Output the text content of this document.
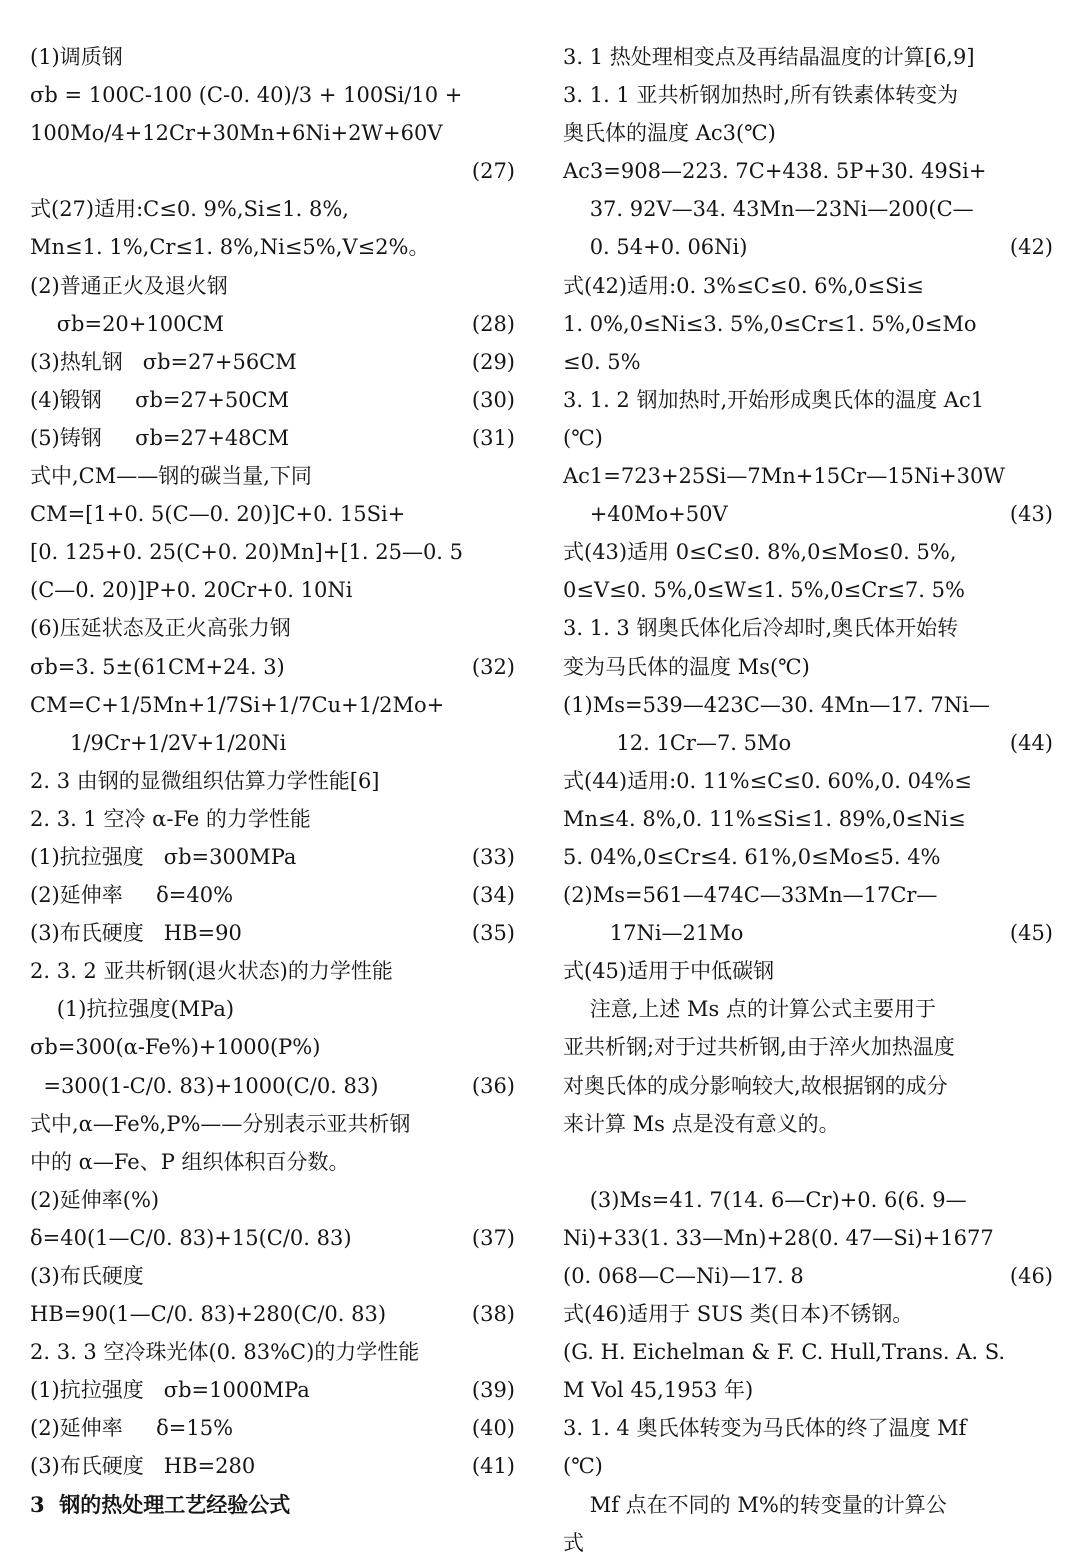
(1)调质钢
σb = 100C-100 (C-0. 40)/3 + 100Si/10 +
100Mo/4+12Cr+30Mn+6Ni+2W+60V
(27)
式(27)适用:C≤0. 9%,Si≤1. 8%,
Mn≤1. 1%,Cr≤1. 8%,Ni≤5%,V≤2%。
(2)普通正火及退火钢
σb=20+100CM	(28)
(3)热轧钢   σb=27+56CM	(29)
(4)锻钢     σb=27+50CM	(30)
(5)铸钢     σb=27+48CM	(31)
式中,CM——钢的碳当量,下同
CM=[1+0. 5(C—0. 20)]C+0. 15Si+
[0. 125+0. 25(C+0. 20)Mn]+[1. 25—0. 5
(C—0. 20)]P+0. 20Cr+0. 10Ni
(6)压延状态及正火高张力钢
σb=3. 5±(61CM+24. 3)	(32)
CM=C+1/5Mn+1/7Si+1/7Cu+1/2Mo+
1/9Cr+1/2V+1/20Ni
2. 3 由钢的显微组织估算力学性能[6]
2. 3. 1 空冷 α-Fe 的力学性能
(1)抗拉强度   σb=300MPa	(33)
(2)延伸率     δ=40%	(34)
(3)布氏硬度   HB=90	(35)
2. 3. 2 亚共析钢(退火状态)的力学性能
(1)抗拉强度(MPa)
σb=300(α-Fe%)+1000(P%)
=300(1-C/0. 83)+1000(C/0. 83)	(36)
式中,α—Fe%,P%——分别表示亚共析钢
中的 α—Fe、P 组织体积百分数。
(2)延伸率(%)
δ=40(1—C/0. 83)+15(C/0. 83)	(37)
(3)布氏硬度
HB=90(1—C/0. 83)+280(C/0. 83)	(38)
2. 3. 3 空冷珠光体(0. 83%C)的力学性能
(1)抗拉强度   σb=1000MPa	(39)
(2)延伸率     δ=15%	(40)
(3)布氏硬度   HB=280	(41)
3  钢的热处理工艺经验公式
3. 1 热处理相变点及再结晶温度的计算[6,9]
3. 1. 1 亚共析钢加热时,所有铁素体转变为
奥氏体的温度 Ac3(℃)
Ac3=908—223. 7C+438. 5P+30. 49Si+
37. 92V—34. 43Mn—23Ni—200(C—
0. 54+0. 06Ni)	(42)
式(42)适用:0. 3%≤C≤0. 6%,0≤Si≤
1. 0%,0≤Ni≤3. 5%,0≤Cr≤1. 5%,0≤Mo
≤0. 5%
3. 1. 2 钢加热时,开始形成奥氏体的温度 Ac1
(℃)
Ac1=723+25Si—7Mn+15Cr—15Ni+30W
+40Mo+50V	(43)
式(43)适用 0≤C≤0. 8%,0≤Mo≤0. 5%,
0≤V≤0. 5%,0≤W≤1. 5%,0≤Cr≤7. 5%
3. 1. 3 钢奥氏体化后冷却时,奥氏体开始转
变为马氏体的温度 Ms(℃)
(1)Ms=539—423C—30. 4Mn—17. 7Ni—
12. 1Cr—7. 5Mo	(44)
式(44)适用:0. 11%≤C≤0. 60%,0. 04%≤
Mn≤4. 8%,0. 11%≤Si≤1. 89%,0≤Ni≤
5. 04%,0≤Cr≤4. 61%,0≤Mo≤5. 4%
(2)Ms=561—474C—33Mn—17Cr—
17Ni—21Mo	(45)
式(45)适用于中低碳钢
注意,上述 Ms 点的计算公式主要用于
亚共析钢;对于过共析钢,由于淬火加热温度
对奥氏体的成分影响较大,故根据钢的成分
来计算 Ms 点是没有意义的。
(3)Ms=41. 7(14. 6—Cr)+0. 6(6. 9—
Ni)+33(1. 33—Mn)+28(0. 47—Si)+1677
(0. 068—C—Ni)—17. 8	(46)
式(46)适用于 SUS 类(日本)不锈钢。
(G. H. Eichelman & F. C. Hull,Trans. A. S.
M Vol 45,1953 年)
3. 1. 4 奥氏体转变为马氏体的终了温度 Mf
(℃)
Mf 点在不同的 M%的转变量的计算公
式
